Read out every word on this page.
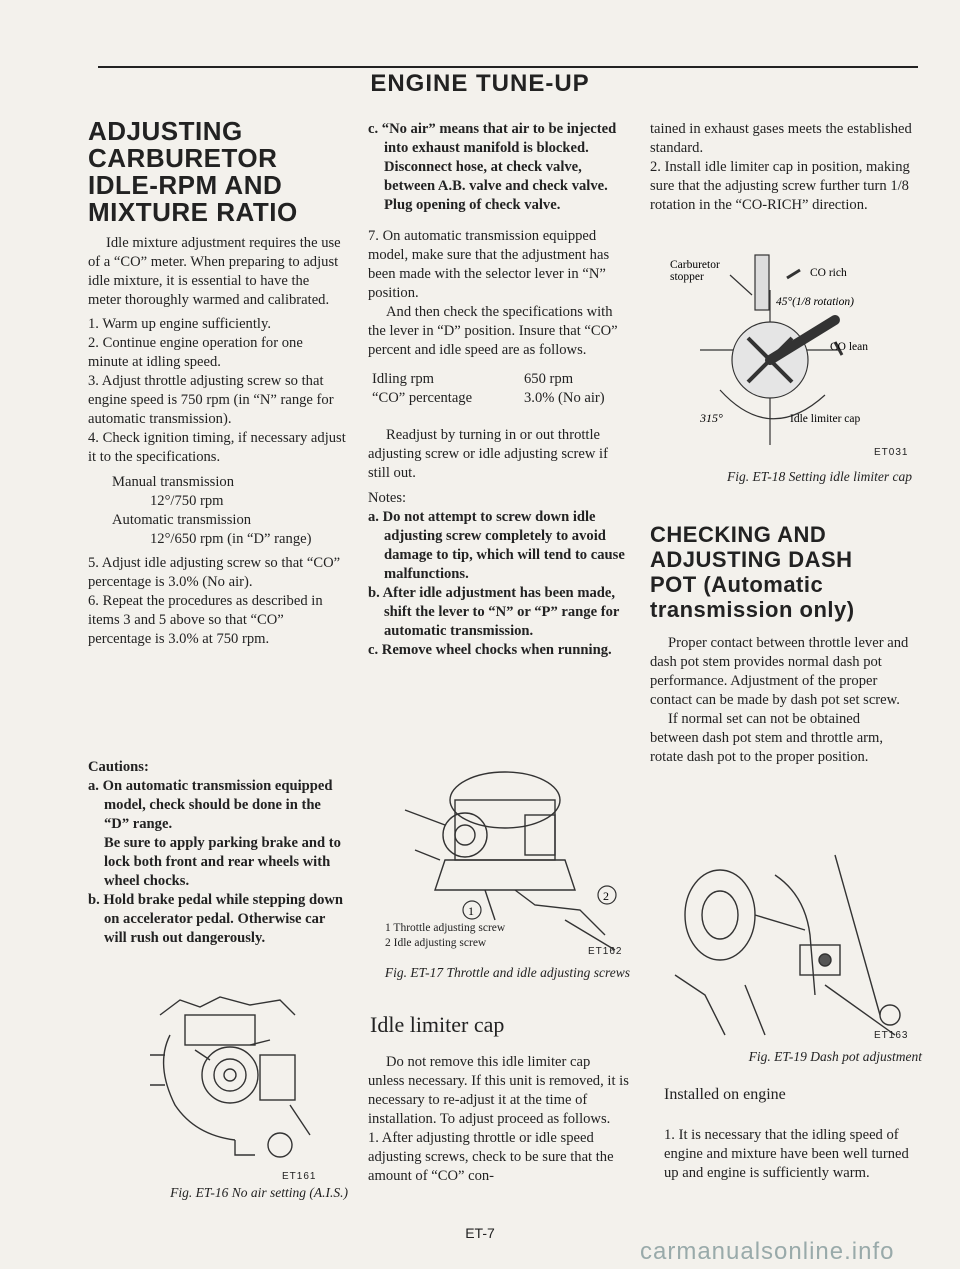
ENGINE TUNE-UP
ADJUSTING
CARBURETOR
IDLE-RPM AND
MIXTURE RATIO

Idle mixture adjustment requires the use of a “CO” meter. When preparing to adjust idle mixture, it is essential to have the meter thoroughly warmed and calibrated.

1. Warm up engine sufficiently.

2. Continue engine operation for one minute at idling speed.

3. Adjust throttle adjusting screw so that engine speed is 750 rpm (in “N” range for automatic transmission).

4. Check ignition timing, if necessary adjust it to the specifications.

Manual transmission
12°/750 rpm
Automatic transmission
12°/650 rpm (in “D” range)

5. Adjust idle adjusting screw so that “CO” percentage is 3.0% (No air).

6. Repeat the procedures as described in items 3 and 5 above so that “CO” percentage is 3.0% at 750 rpm.

Cautions:

a. On automatic transmission equipped model, check should be done in the “D” range.

Be sure to apply parking brake and to lock both front and rear wheels with wheel chocks.

b. Hold brake pedal while stepping down on accelerator pedal. Otherwise car will rush out dangerously.

ET161
Fig. ET-16 No air setting (A.I.S.)

c. “No air” means that air to be injected into exhaust manifold is blocked.

Disconnect hose, at check valve, between A.B. valve and check valve. Plug opening of check valve.

7. On automatic transmission equipped model, make sure that the adjustment has been made with the selector lever in “N” position.

And then check the specifications with the lever in “D” position. Insure that “CO” percent and idle speed are as follows.

Idling rpm	650 rpm
“CO” percentage	3.0% (No air)

Readjust by turning in or out throttle adjusting screw or idle adjusting screw if still out.

Notes:

a. Do not attempt to screw down idle adjusting screw completely to avoid damage to tip, which will tend to cause malfunctions.

b. After idle adjustment has been made, shift the lever to “N” or “P” range for automatic transmission.

c. Remove wheel chocks when running.

2
1
1 Throttle adjusting screw
2 Idle adjusting screw
ET162
Fig. ET-17 Throttle and idle adjusting screws
Idle limiter cap

Do not remove this idle limiter cap unless necessary. If this unit is removed, it is necessary to re-adjust it at the time of installation. To adjust proceed as follows.

1. After adjusting throttle or idle speed adjusting screws, check to be sure that the amount of “CO” con-

ET-7
carmanualsonline.info

tained in exhaust gases meets the established standard.

2. Install idle limiter cap in position, making sure that the adjusting screw further turn 1/8 rotation in the “CO-RICH” direction.

Carburetor
stopper	CO rich
45°(1/8 rotation)
CO lean
315°	Idle limiter cap
ET031
Fig. ET-18 Setting idle limiter cap
CHECKING AND
ADJUSTING DASH
POT (Automatic
transmission only)

Proper contact between throttle lever and dash pot stem provides normal dash pot performance. Adjustment of the proper contact can be made by dash pot set screw.

If normal set can not be obtained between dash pot stem and throttle arm, rotate dash pot to the proper position.

ET163
Fig. ET-19 Dash pot adjustment
Installed on engine

1. It is necessary that the idling speed of engine and mixture have been well turned up and engine is sufficiently warm.
